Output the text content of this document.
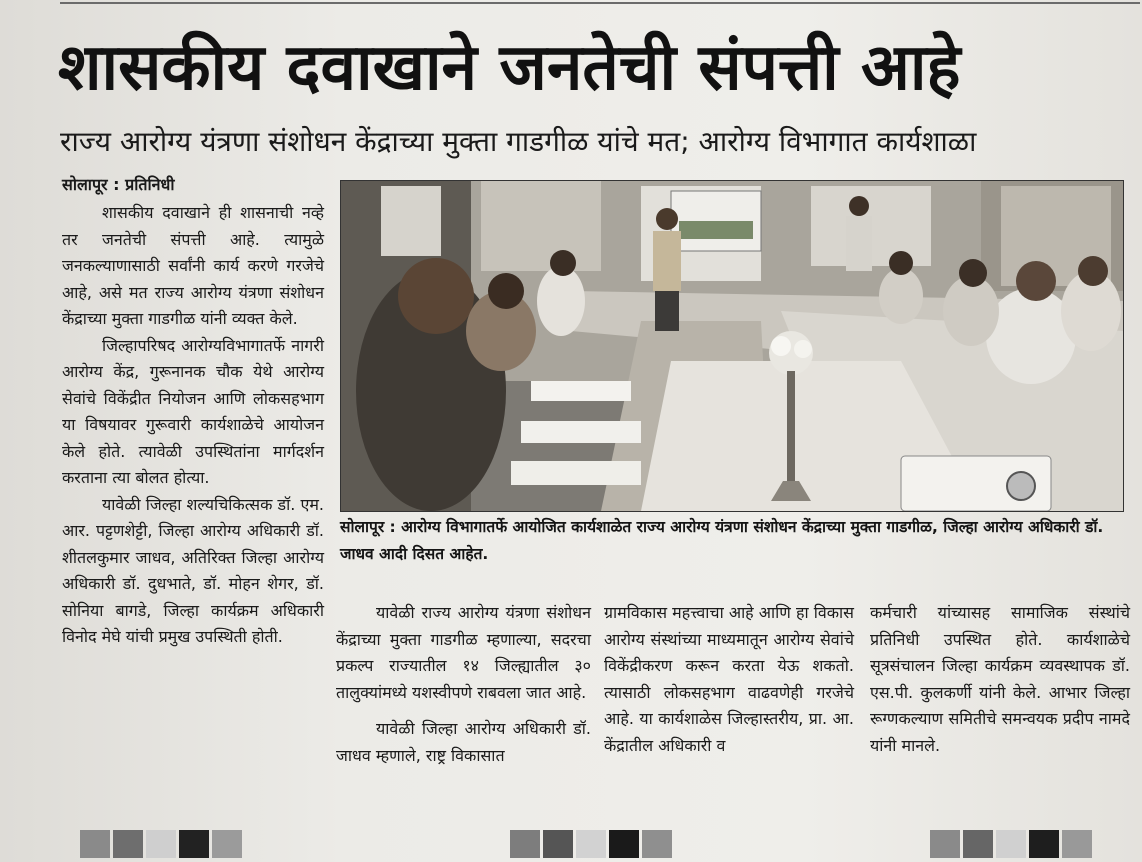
शासकीय दवाखाने जनतेची संपत्ती आहे
राज्य आरोग्य यंत्रणा संशोधन केंद्राच्या मुक्ता गाडगीळ यांचे मत; आरोग्य विभागात कार्यशाळा
सोलापूर : प्रतिनिधी

शासकीय दवाखाने ही शासनाची नव्हे तर जनतेची संपत्ती आहे. त्यामुळे जनकल्याणासाठी सर्वांनी कार्य करणे गरजेचे आहे, असे मत राज्य आरोग्य यंत्रणा संशोधन केंद्राच्या मुक्ता गाडगीळ यांनी व्यक्त केले.

जिल्हापरिषद आरोग्यविभागातर्फे नागरी आरोग्य केंद्र, गुरूनानक चौक येथे आरोग्य सेवांचे विकेंद्रीत नियोजन आणि लोकसहभाग या विषयावर गुरूवारी कार्यशाळेचे आयोजन केले होते. त्यावेळी उपस्थितांना मार्गदर्शन करताना त्या बोलत होत्या.

यावेळी जिल्हा शल्यचिकित्सक डॉ. एम. आर. पट्टणशेट्टी, जिल्हा आरोग्य अधिकारी डॉ. शीतलकुमार जाधव, अतिरिक्त जिल्हा आरोग्य अधिकारी डॉ. दुधभाते, डॉ. मोहन शेगर, डॉ. सोनिया बागडे, जिल्हा कार्यक्रम अधिकारी विनोद मेघे यांची प्रमुख उपस्थिती होती.

सोलापूर : आरोग्य विभागातर्फे आयोजित कार्यशाळेत राज्य आरोग्य यंत्रणा संशोधन केंद्राच्या मुक्ता गाडगीळ, जिल्हा आरोग्य अधिकारी डॉ. जाधव आदी दिसत आहेत.

यावेळी राज्य आरोग्य यंत्रणा संशोधन केंद्राच्या मुक्ता गाडगीळ म्हणाल्या, सदरचा प्रकल्प राज्यातील १४ जिल्ह्यातील ३० तालुक्यांमध्ये यशस्वीपणे राबवला जात आहे.

यावेळी जिल्हा आरोग्य अधिकारी डॉ. जाधव म्हणाले, राष्ट्र विकासात

ग्रामविकास महत्त्वाचा आहे आणि हा विकास आरोग्य संस्थांच्या माध्यमातून आरोग्य सेवांचे विकेंद्रीकरण करून करता येऊ शकतो. त्यासाठी लोकसहभाग वाढवणेही गरजेचे आहे. या कार्यशाळेस जिल्हास्तरीय, प्रा. आ. केंद्रातील अधिकारी व

कर्मचारी यांच्यासह सामाजिक संस्थांचे प्रतिनिधी उपस्थित होते. कार्यशाळेचे सूत्रसंचालन जिल्हा कार्यक्रम व्यवस्थापक डॉ. एस.पी. कुलकर्णी यांनी केले. आभार जिल्हा रूग्णकल्याण समितीचे समन्वयक प्रदीप नामदे यांनी मानले.
